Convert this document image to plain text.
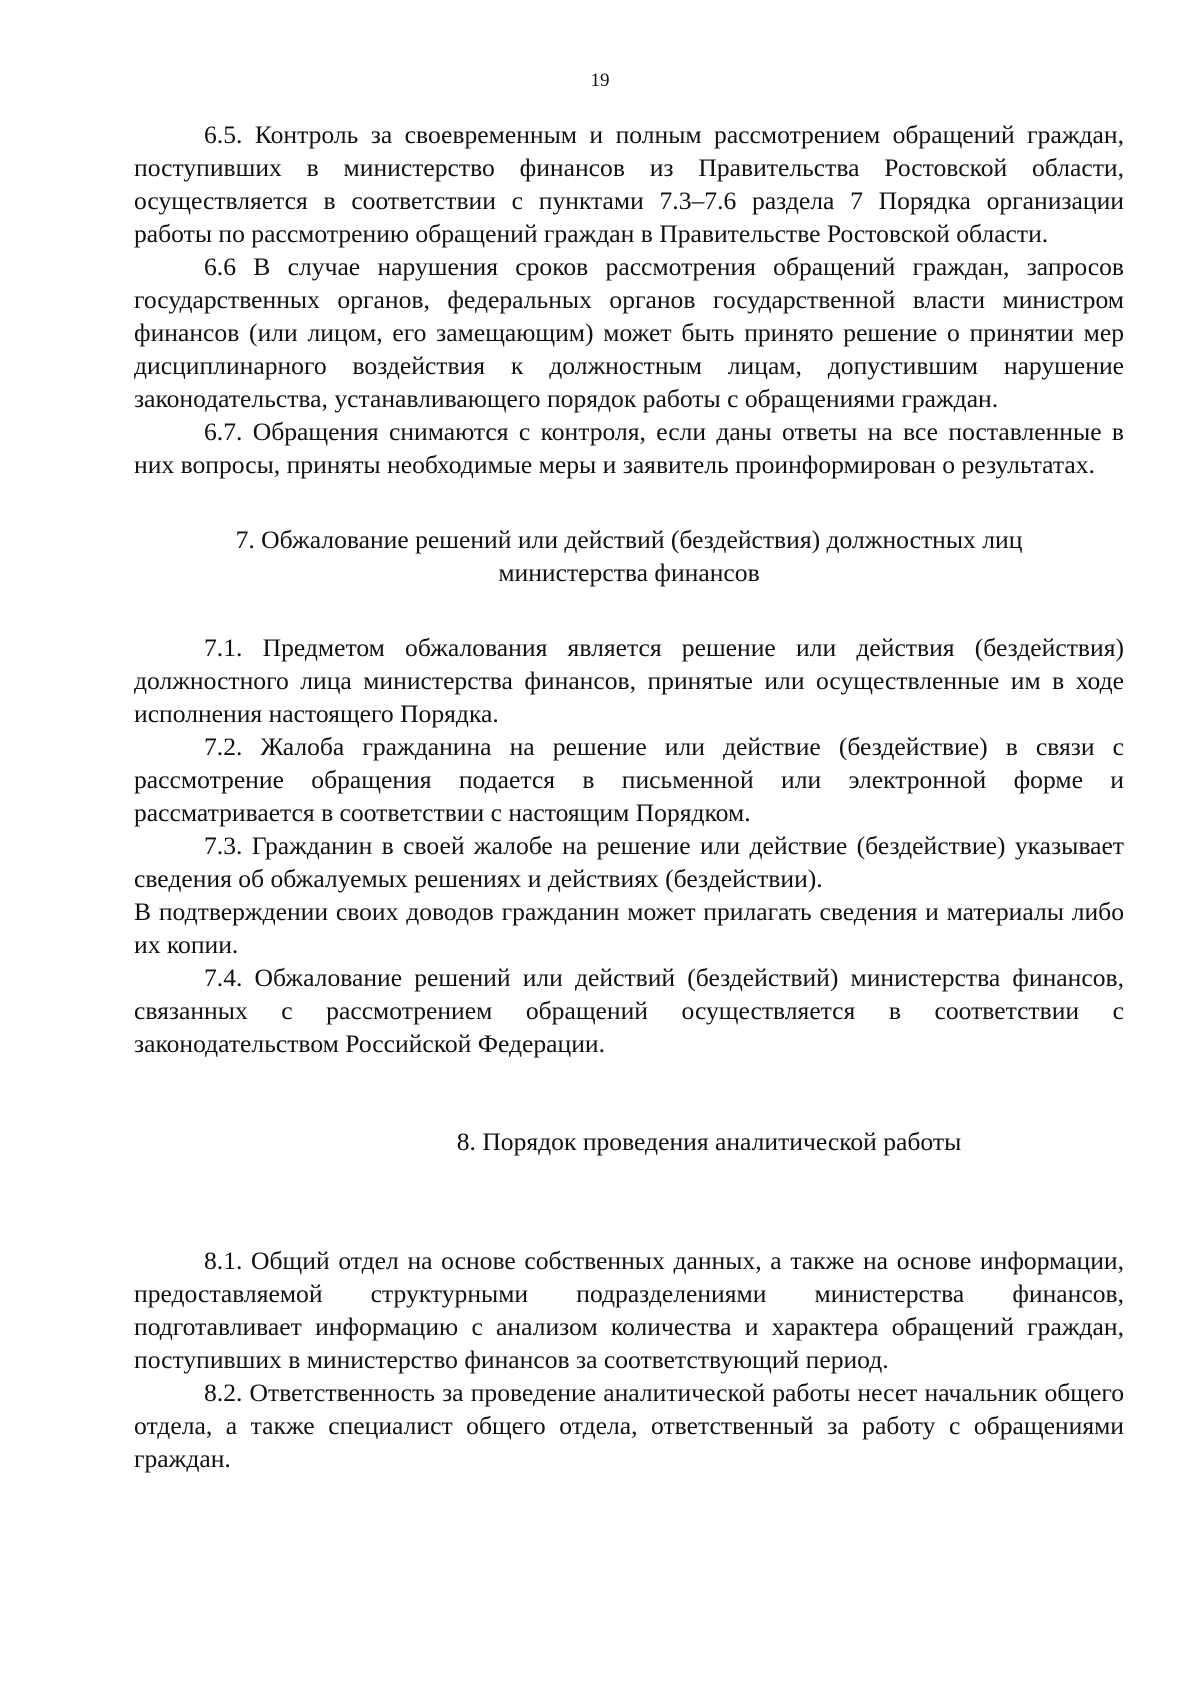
19

6.5. Контроль за своевременным и полным рассмотрением обращений граждан, поступивших в министерство финансов из Правительства Ростовской области, осуществляется в соответствии с пунктами 7.3–7.6 раздела 7 Порядка организации работы по рассмотрению обращений граждан в Правительстве Ростовской области.

6.6 В случае нарушения сроков рассмотрения обращений граждан, запросов государственных органов, федеральных органов государственной власти министром финансов (или лицом, его замещающим) может быть принято решение о принятии мер дисциплинарного воздействия к должностным лицам, допустившим нарушение законодательства, устанавливающего порядок работы с обращениями граждан.

6.7. Обращения снимаются с контроля, если даны ответы на все поставленные в них вопросы, приняты необходимые меры и заявитель проинформирован о результатах.

7. Обжалование решений или действий (бездействия) должностных лиц
министерства финансов

7.1. Предметом обжалования является решение или действия (бездействия) должностного лица министерства финансов, принятые или осуществленные им в ходе исполнения настоящего Порядка.

7.2. Жалоба гражданина на решение или действие (бездействие) в связи с рассмотрение обращения подается в письменной или электронной форме и рассматривается в соответствии с настоящим Порядком.

7.3. Гражданин в своей жалобе на решение или действие (бездействие) указывает сведения об обжалуемых решениях и действиях (бездействии).

В подтверждении своих доводов гражданин может прилагать сведения и материалы либо их копии.

7.4. Обжалование решений или действий (бездействий) министерства финансов, связанных с рассмотрением обращений осуществляется в соответствии с законодательством Российской Федерации.

8. Порядок проведения аналитической работы

8.1. Общий отдел на основе собственных данных, а также на основе информации, предоставляемой структурными подразделениями министерства финансов, подготавливает информацию с анализом количества и характера обращений граждан, поступивших в министерство финансов за соответствующий период.

8.2. Ответственность за проведение аналитической работы несет начальник общего отдела, а также специалист общего отдела, ответственный за работу с обращениями граждан.
